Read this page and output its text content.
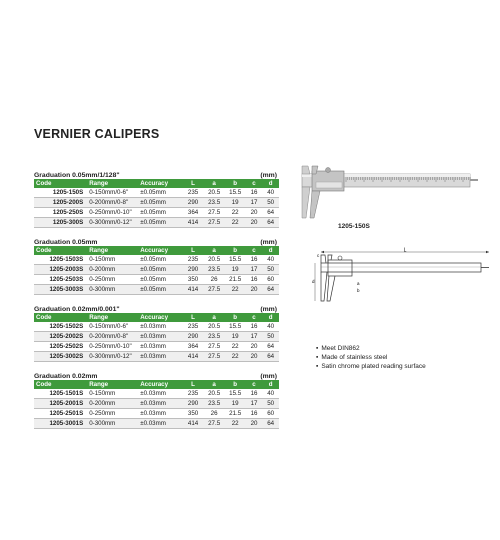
VERNIER CALIPERS
Graduation 0.05mm/1/128"	(mm)
Code	Range	Accuracy	L	a	b	c	d
1205-150S	0-150mm/0-6"	±0.05mm	235	20.5	15.5	16	40
1205-200S	0-200mm/0-8"	±0.05mm	290	23.5	19	17	50
1205-250S	0-250mm/0-10"	±0.05mm	364	27.5	22	20	64
1205-300S	0-300mm/0-12"	±0.05mm	414	27.5	22	20	64
Graduation 0.05mm	(mm)
Code	Range	Accuracy	L	a	b	c	d
1205-1503S	0-150mm	±0.05mm	235	20.5	15.5	16	40
1205-2003S	0-200mm	±0.05mm	290	23.5	19	17	50
1205-2503S	0-250mm	±0.05mm	350	26	21.5	16	60
1205-3003S	0-300mm	±0.05mm	414	27.5	22	20	64
Graduation 0.02mm/0.001"	(mm)
Code	Range	Accuracy	L	a	b	c	d
1205-1502S	0-150mm/0-6"	±0.03mm	235	20.5	15.5	16	40
1205-2002S	0-200mm/0-8"	±0.03mm	290	23.5	19	17	50
1205-2502S	0-250mm/0-10"	±0.03mm	364	27.5	22	20	64
1205-3002S	0-300mm/0-12"	±0.03mm	414	27.5	22	20	64
Graduation 0.02mm	(mm)
Code	Range	Accuracy	L	a	b	c	d
1205-1501S	0-150mm	±0.03mm	235	20.5	15.5	16	40
1205-2001S	0-200mm	±0.03mm	290	23.5	19	17	50
1205-2501S	0-250mm	±0.03mm	350	26	21.5	16	60
1205-3001S	0-300mm	±0.03mm	414	27.5	22	20	64
1205-150S
L
a
b
c
d
▪ Meet DIN862
▪ Made of stainless steel
▪ Satin chrome plated reading surface
